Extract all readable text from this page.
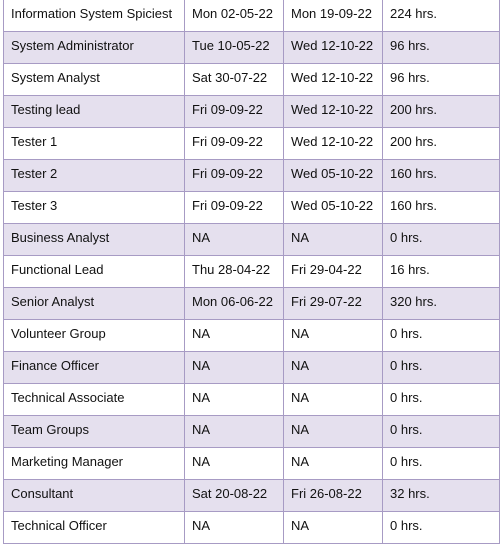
Information System Spiciest	Mon 02-05-22	Mon 19-09-22	224 hrs.
System Administrator	Tue 10-05-22	Wed 12-10-22	96 hrs.
System Analyst	Sat 30-07-22	Wed 12-10-22	96 hrs.
Testing lead	Fri 09-09-22	Wed 12-10-22	200 hrs.
Tester 1	Fri 09-09-22	Wed 12-10-22	200 hrs.
Tester 2	Fri 09-09-22	Wed 05-10-22	160 hrs.
Tester 3	Fri 09-09-22	Wed 05-10-22	160 hrs.
Business Analyst	NA	NA	0 hrs.
Functional Lead	Thu 28-04-22	Fri 29-04-22	16 hrs.
Senior Analyst	Mon 06-06-22	Fri 29-07-22	320 hrs.
Volunteer Group	NA	NA	0 hrs.
Finance Officer	NA	NA	0 hrs.
Technical Associate	NA	NA	0 hrs.
Team Groups	NA	NA	0 hrs.
Marketing Manager	NA	NA	0 hrs.
Consultant	Sat 20-08-22	Fri 26-08-22	32 hrs.
Technical Officer	NA	NA	0 hrs.
